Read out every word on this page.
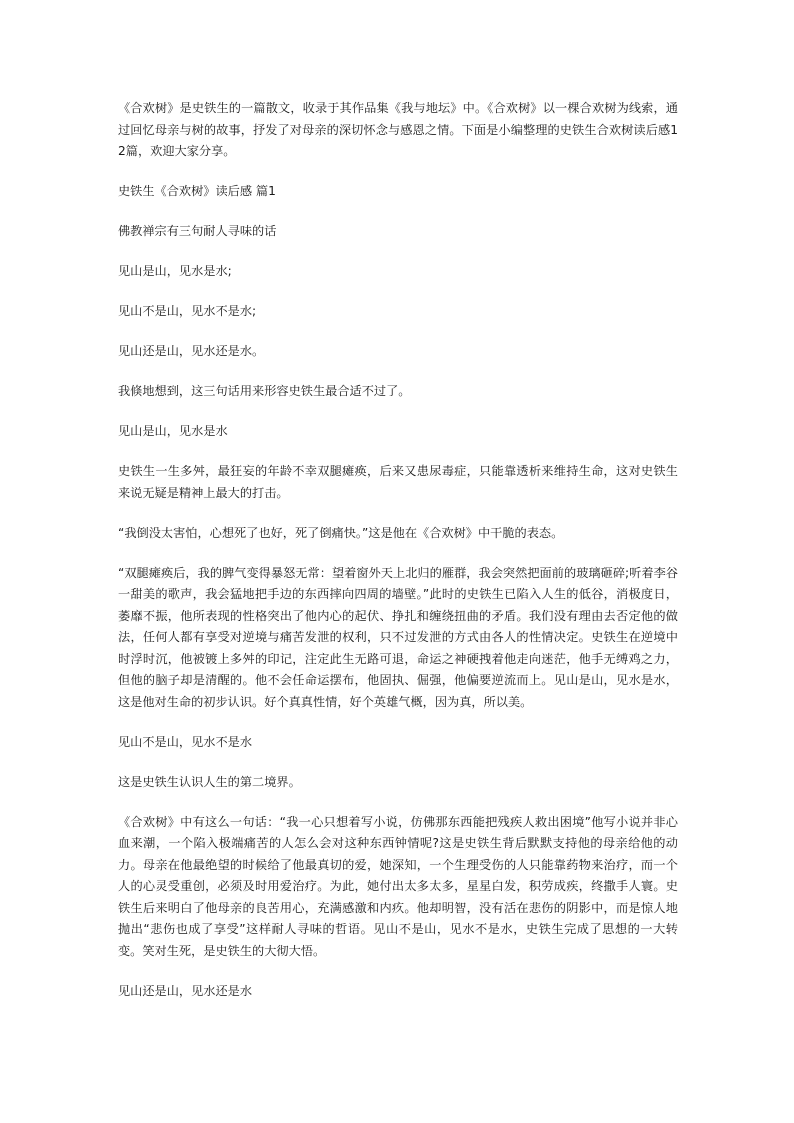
《合欢树》是史铁生的一篇散文，收录于其作品集《我与地坛》中。《合欢树》以一棵合欢树为线索，通过回忆母亲与树的故事，抒发了对母亲的深切怀念与感恩之情。下面是小编整理的史铁生合欢树读后感12篇，欢迎大家分享。

史铁生《合欢树》读后感 篇1

佛教禅宗有三句耐人寻味的话

见山是山，见水是水;

见山不是山，见水不是水;

见山还是山，见水还是水。

我倏地想到，这三句话用来形容史铁生最合适不过了。

见山是山，见水是水

史铁生一生多舛，最狂妄的年龄不幸双腿瘫痪，后来又患尿毒症，只能靠透析来维持生命，这对史铁生来说无疑是精神上最大的打击。

“我倒没太害怕，心想死了也好，死了倒痛快。”这是他在《合欢树》中干脆的表态。

“双腿瘫痪后，我的脾气变得暴怒无常：望着窗外天上北归的雁群，我会突然把面前的玻璃砸碎;听着李谷一甜美的歌声，我会猛地把手边的东西摔向四周的墙壁。”此时的史铁生已陷入人生的低谷，消极度日，萎靡不振，他所表现的性格突出了他内心的起伏、挣扎和缠绕扭曲的矛盾。我们没有理由去否定他的做法，任何人都有享受对逆境与痛苦发泄的权利，只不过发泄的方式由各人的性情决定。史铁生在逆境中时浮时沉，他被镀上多舛的印记，注定此生无路可退，命运之神硬拽着他走向迷茫，他手无缚鸡之力，但他的脑子却是清醒的。他不会任命运摆布，他固执、倔强，他偏要逆流而上。见山是山，见水是水，这是他对生命的初步认识。好个真真性情，好个英雄气概，因为真，所以美。

见山不是山，见水不是水

这是史铁生认识人生的第二境界。

《合欢树》中有这么一句话：“我一心只想着写小说，仿佛那东西能把残疾人救出困境”他写小说并非心血来潮，一个陷入极端痛苦的人怎么会对这种东西钟情呢?这是史铁生背后默默支持他的母亲给他的动力。母亲在他最绝望的时候给了他最真切的爱，她深知，一个生理受伤的人只能靠药物来治疗，而一个人的心灵受重创，必须及时用爱治疗。为此，她付出太多太多，星星白发，积劳成疾，终撒手人寰。史铁生后来明白了他母亲的良苦用心，充满感激和内疚。他却明智，没有活在悲伤的阴影中，而是惊人地抛出“悲伤也成了享受”这样耐人寻味的哲语。见山不是山，见水不是水，史铁生完成了思想的一大转变。笑对生死，是史铁生的大彻大悟。

见山还是山，见水还是水
